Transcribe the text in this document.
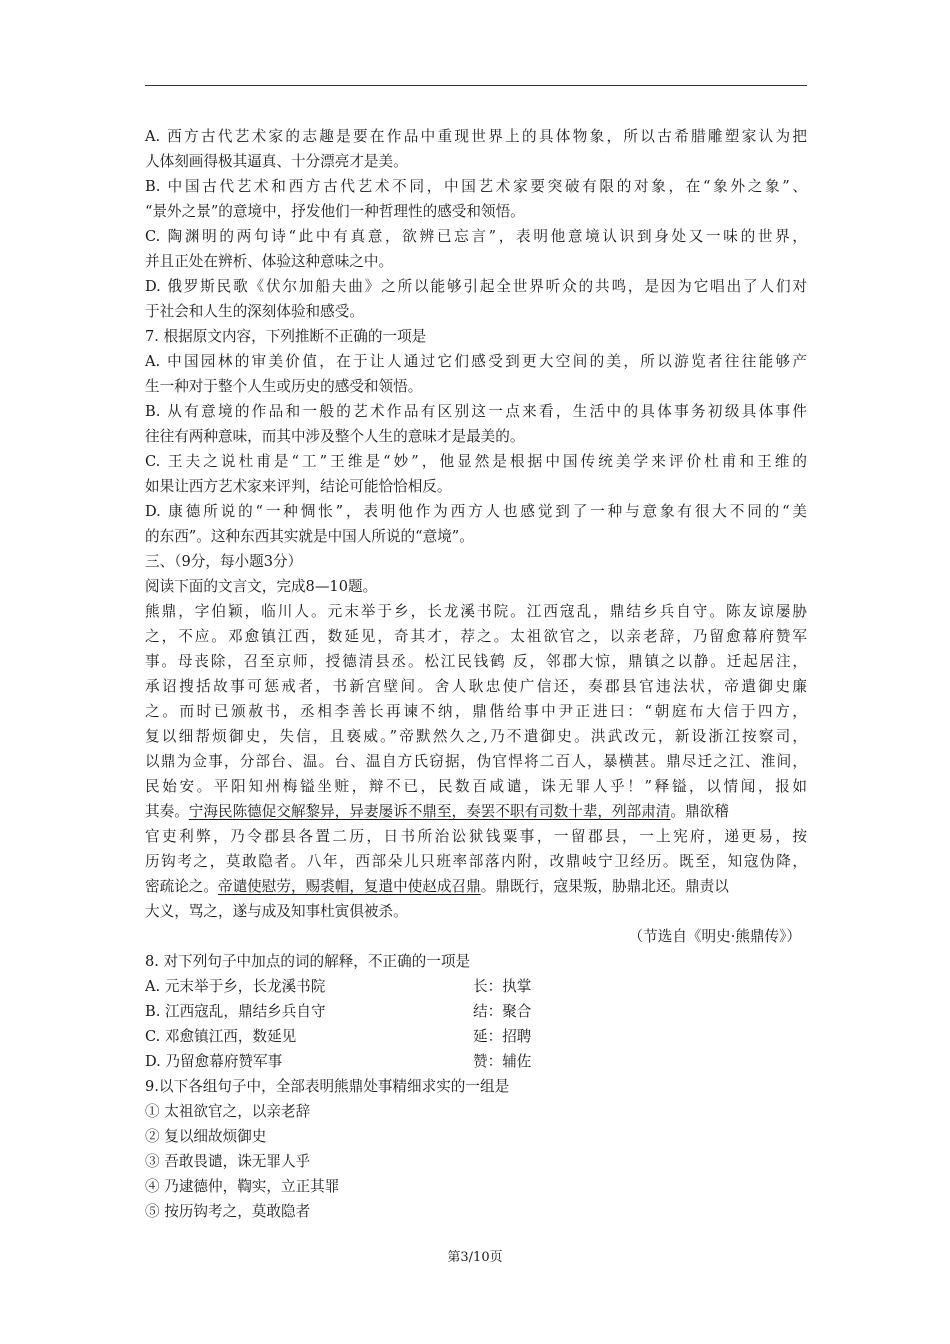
A. 西方古代艺术家的志趣是要在作品中重现世界上的具体物象，所以古希腊雕塑家认为把
人体刻画得极其逼真、十分漂亮才是美。
B. 中国古代艺术和西方古代艺术不同，中国艺术家要突破有限的对象，在“象外之象”、
“景外之景”的意境中，抒发他们一种哲理性的感受和领悟。
C. 陶渊明的两句诗“此中有真意，欲辨已忘言”，表明他意境认识到身处又一味的世界，
并且正处在辨析、体验这种意味之中。
D. 俄罗斯民歌《伏尔加船夫曲》之所以能够引起全世界听众的共鸣，是因为它唱出了人们对
于社会和人生的深刻体验和感受。
7. 根据原文内容，下列推断不正确的一项是
A. 中国园林的审美价值，在于让人通过它们感受到更大空间的美，所以游览者往往能够产
生一种对于整个人生或历史的感受和领悟。
B. 从有意境的作品和一般的艺术作品有区别这一点来看，生活中的具体事务初级具体事件
往往有两种意味，而其中涉及整个人生的意味才是最美的。
C. 王夫之说杜甫是“工”王维是“妙”，他显然是根据中国传统美学来评价杜甫和王维的
如果让西方艺术家来评判，结论可能恰恰相反。
D. 康德所说的“一种惆怅”，表明他作为西方人也感觉到了一种与意象有很大不同的“美
的东西”。这种东西其实就是中国人所说的“意境”。
三、（9分，每小题3分）
阅读下面的文言文，完成8—10题。
熊鼎，字伯颖，临川人。元末举于乡，长龙溪书院。江西寇乱，鼎结乡兵自守。陈友谅屡胁
之，不应。邓愈镇江西，数延见，奇其才，荐之。太祖欲官之，以亲老辞，乃留愈幕府赞军
事。母丧除，召至京师，授德清县丞。松江民钱鹤 反，邻郡大惊，鼎镇之以静。迁起居注，
承诏搜括故事可惩戒者，书新宫壁间。舍人耿忠使广信还，奏郡县官违法状，帝遣御史廉
之。而时已颁赦书，丞相李善长再谏不纳，鼎偕给事中尹正进曰：“朝庭布大信于四方，
复以细帮烦御史，失信，且亵威。”帝默然久之,乃不遣御史。洪武改元，新设浙江按察司，
以鼎为佥事，分部台、温。台、温自方氏窃据，伪官悍将二百人，暴横甚。鼎尽迁之江、淮间，
民始安。平阳知州梅镒坐赃，辩不已，民数百咸谴，诛无罪人乎！”释镒，以情闻，报如
其奏。宁海民陈德促交解黎异，异妻屡诉不鼎至，奏罢不职有司数十辈，列部肃清。鼎欲稽
官吏利弊，乃令郡县各置二历，日书所治讼狱钱粟事，一留郡县，一上宪府，递更易，按
历钩考之，莫敢隐者。八年，西部朵儿只班率部落内附，改鼎岐宁卫经历。既至，知寇伪降，
密疏论之。帝谴使慰劳，赐裘帽，复遣中使赵成召鼎。鼎既行，寇果叛，胁鼎北还。鼎责以
大义，骂之，遂与成及知事杜寅俱被杀。
（节选自《明史·熊鼎传》）
8. 对下列句子中加点的词的解释，不正确的一项是
A. 元末举于乡，长龙溪书院	长：执掌
B. 江西寇乱，鼎结乡兵自守	结：聚合
C. 邓愈镇江西，数延见	延：招聘
D. 乃留愈幕府赞军事	赞：辅佐
9.以下各组句子中，全部表明熊鼎处事精细求实的一组是
① 太祖欲官之，以亲老辞
② 复以细故烦御史
③ 吾敢畏谴，诛无罪人乎
④ 乃逮德仲，鞫实，立正其罪
⑤ 按历钩考之，莫敢隐者
第3/10页
